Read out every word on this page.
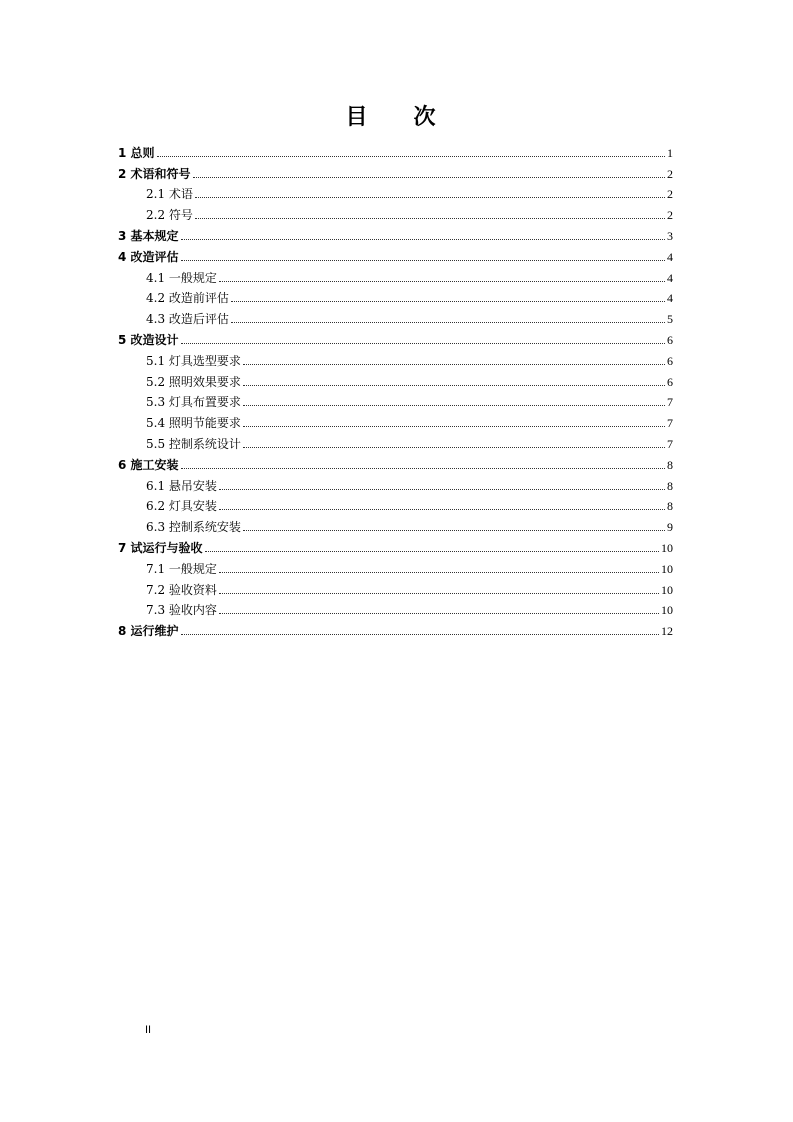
目　次
1 总则	1
2 术语和符号	2
2.1 术语	2
2.2 符号	2
3 基本规定	3
4 改造评估	4
4.1 一般规定	4
4.2 改造前评估	4
4.3 改造后评估	5
5 改造设计	6
5.1 灯具选型要求	6
5.2 照明效果要求	6
5.3 灯具布置要求	7
5.4 照明节能要求	7
5.5 控制系统设计	7
6 施工安装	8
6.1 悬吊安装	8
6.2 灯具安装	8
6.3 控制系统安装	9
7 试运行与验收	10
7.1 一般规定	10
7.2 验收资料	10
7.3 验收内容	10
8 运行维护	12
II
